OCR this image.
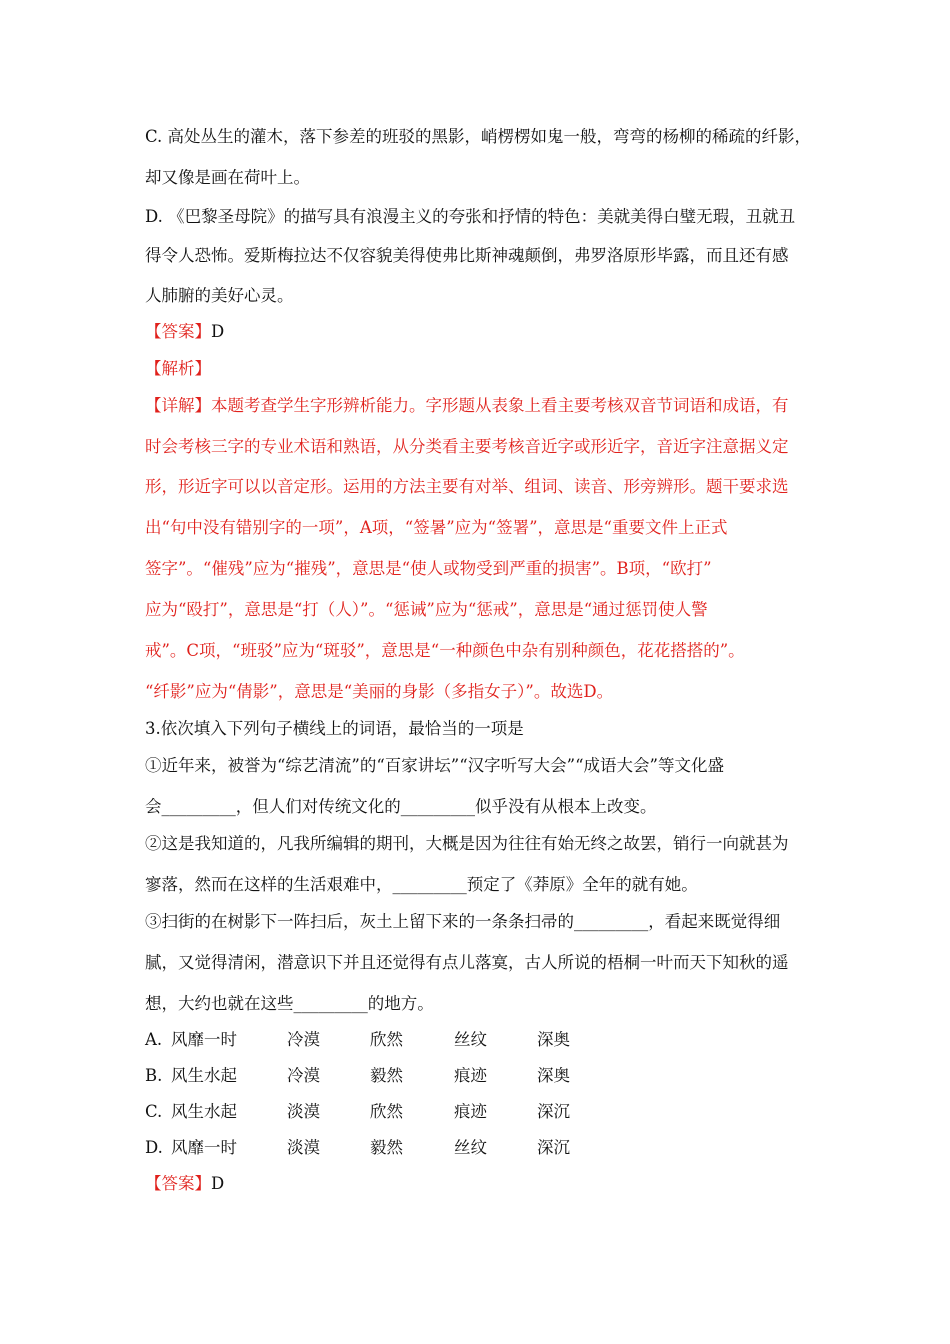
C. 高处丛生的灌木，落下参差的班驳的黑影，峭楞楞如鬼一般，弯弯的杨柳的稀疏的纤影，
却又像是画在荷叶上。
D. 《巴黎圣母院》的描写具有浪漫主义的夸张和抒情的特色：美就美得白璧无瑕，丑就丑
得令人恐怖。爱斯梅拉达不仅容貌美得使弗比斯神魂颠倒，弗罗洛原形毕露，而且还有感
人肺腑的美好心灵。
【答案】D
【解析】
【详解】本题考查学生字形辨析能力。字形题从表象上看主要考核双音节词语和成语，有
时会考核三字的专业术语和熟语，从分类看主要考核音近字或形近字，音近字注意据义定
形，形近字可以以音定形。运用的方法主要有对举、组词、读音、形旁辨形。题干要求选
出“句中没有错别字的一项”，A项，“签暑”应为“签署”，意思是“重要文件上正式
签字”。“催残”应为“摧残”，意思是“使人或物受到严重的损害”。B项，“欧打”
应为“殴打”，意思是“打（人）”。“惩诫”应为“惩戒”，意思是“通过惩罚使人警
戒”。C项，“班驳”应为“斑驳”，意思是“一种颜色中杂有别种颜色，花花搭搭的”。
“纤影”应为“倩影”，意思是“美丽的身影（多指女子）”。故选D。
3.依次填入下列句子横线上的词语，最恰当的一项是
①近年来，被誉为“综艺清流”的“百家讲坛”“汉字听写大会”“成语大会”等文化盛
会_________，但人们对传统文化的_________似乎没有从根本上改变。
②这是我知道的，凡我所编辑的期刊，大概是因为往往有始无终之故罢，销行一向就甚为
寥落，然而在这样的生活艰难中，_________预定了《莽原》全年的就有她。
③扫街的在树影下一阵扫后，灰土上留下来的一条条扫帚的_________，看起来既觉得细
腻，又觉得清闲，潜意识下并且还觉得有点儿落寞，古人所说的梧桐一叶而天下知秋的遥
想，大约也就在这些_________的地方。
A. 风靡一时	冷漠	欣然	丝纹	深奥
B. 风生水起	冷漠	毅然	痕迹	深奥
C. 风生水起	淡漠	欣然	痕迹	深沉
D. 风靡一时	淡漠	毅然	丝纹	深沉
【答案】D
